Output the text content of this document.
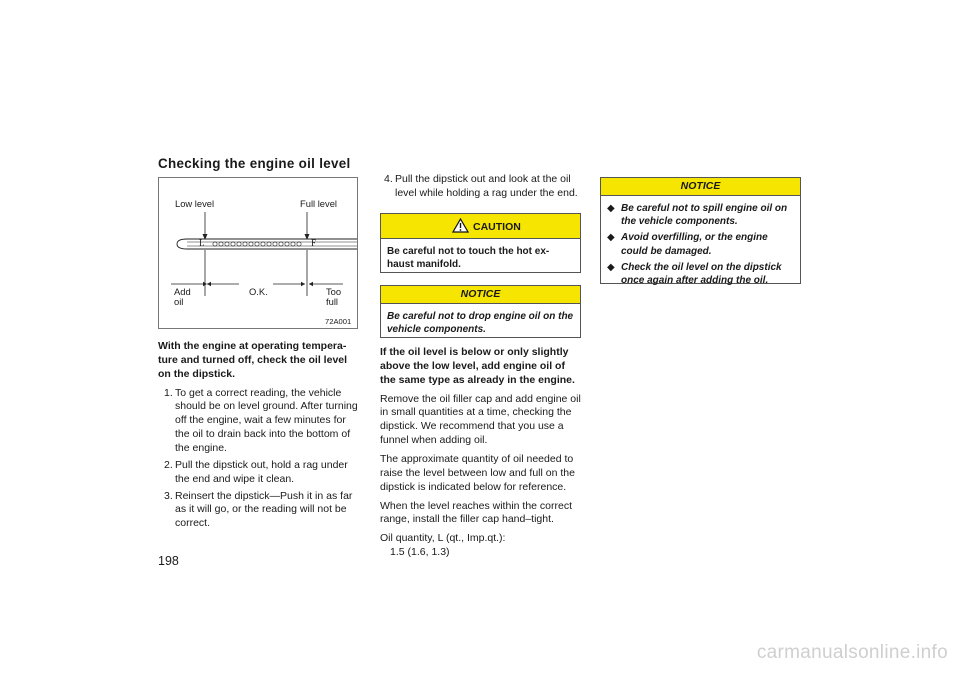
Checking the engine oil level
Low level	Full level
L	F
Add
oil
O.K.	Too
full
72A001

With the engine at operating tempera-ture and turned off, check the oil level on the dipstick.

1. To get a correct reading, the vehicle should be on level ground. After turning off the engine, wait a few minutes for the oil to drain back into the bottom of the engine.
2. Pull the dipstick out, hold a rag under the end and wipe it clean.
3. Reinsert the dipstick—Push it in as far as it will go, or the reading will not be correct.
4. Pull the dipstick out and look at the oil level while holding a rag under the end.
CAUTION
Be careful not to touch the hot ex-haust manifold.
NOTICE
Be careful not to drop engine oil on the vehicle components.

If the oil level is below or only slightly above the low level, add engine oil of the same type as already in the engine.

Remove the oil filler cap and add engine oil in small quantities at a time, checking the dipstick. We recommend that you use a funnel when adding oil.

The approximate quantity of oil needed to raise the level between low and full on the dipstick is indicated below for reference.

When the level reaches within the correct range, install the filler cap hand–tight.

Oil quantity, L (qt., Imp.qt.):
1.5 (1.6, 1.3)

NOTICE
◆ Be careful not to spill engine oil on the vehicle components.
◆ Avoid overfilling, or the engine could be damaged.
◆ Check the oil level on the dipstick once again after adding the oil.
198
carmanualsonline.info
